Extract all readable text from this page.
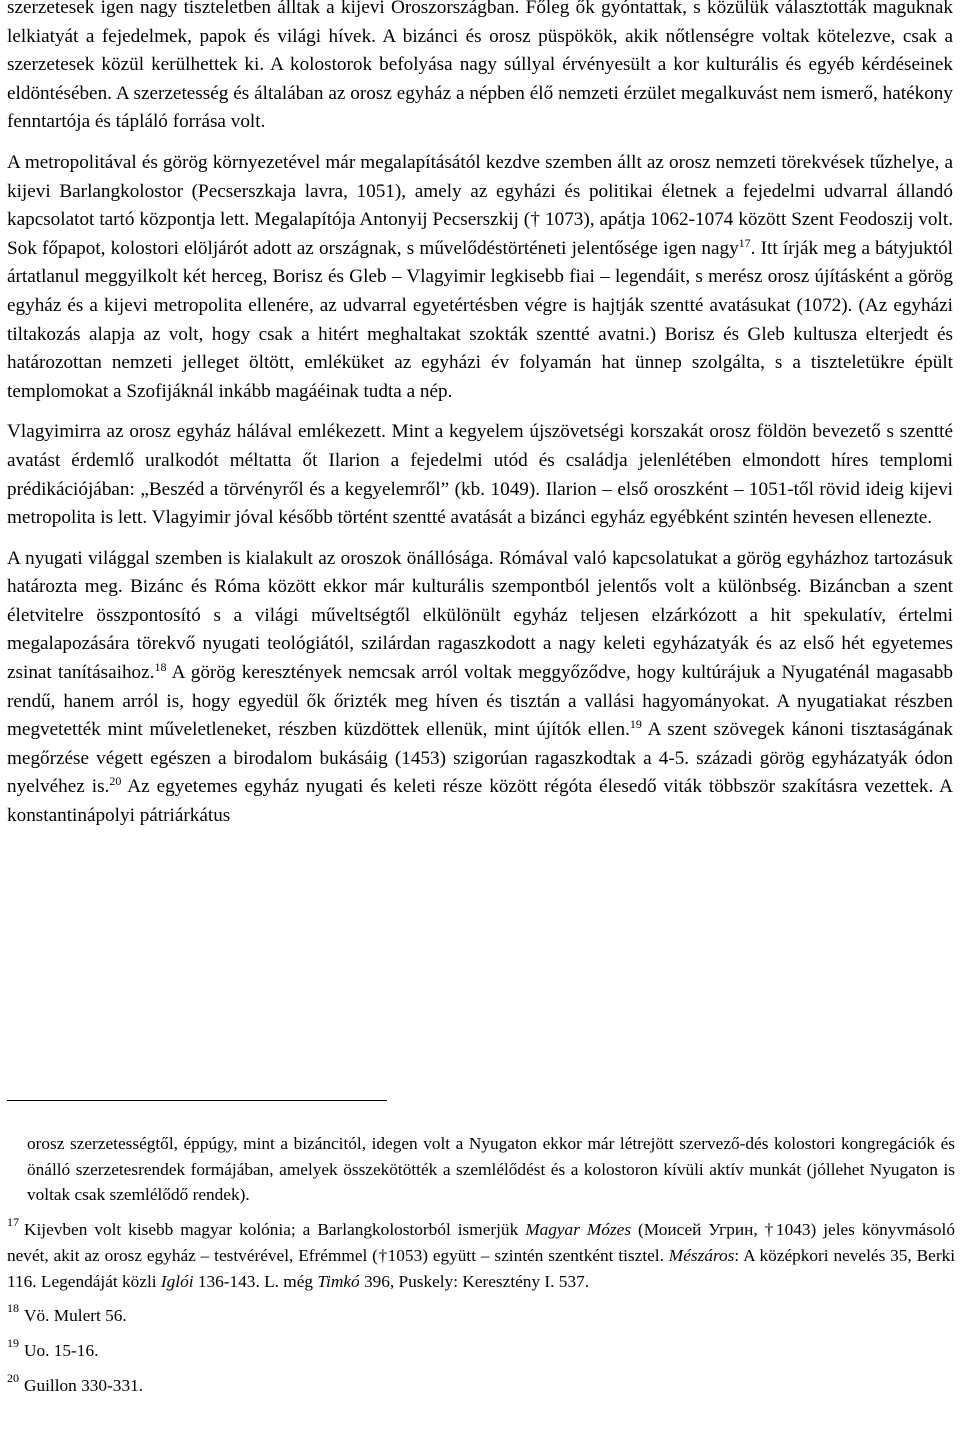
szerzetesek igen nagy tiszteletben álltak a kijevi Oroszországban. Főleg ők gyóntattak, s közülük választották maguknak lelkiatyát a fejedelmek, papok és világi hívek. A bizánci és orosz püspökök, akik nőtlenségre voltak kötelezve, csak a szerzetesek közül kerülhettek ki. A kolostorok befolyása nagy súllyal érvényesült a kor kulturális és egyéb kérdéseinek eldöntésében. A szerzetesség és általában az orosz egyház a népben élő nemzeti érzület megalkuvást nem ismerő, hatékony fenntartója és tápláló forrása volt.

A metropolitával és görög környezetével már megalapításától kezdve szemben állt az orosz nemzeti törekvések tűzhelye, a kijevi Barlangkolostor (Pecserszkaja lavra, 1051), amely az egyházi és politikai életnek a fejedelmi udvarral állandó kapcsolatot tartó központja lett. Megalapítója Antonyij Pecserszkij († 1073), apátja 1062-1074 között Szent Feodoszij volt. Sok főpapot, kolostori elöljárót adott az országnak, s művelődéstörténeti jelentősége igen nagy$^{17}$. Itt írják meg a bátyjuktól ártatlanul meggyilkolt két herceg, Borisz és Gleb – Vlagyimir legkisebb fiai – legendáit, s merész orosz újításként a görög egyház és a kijevi metropolita ellenére, az udvarral egyetértésben végre is hajtják szentté avatásukat (1072). (Az egyházi tiltakozás alapja az volt, hogy csak a hitért meghaltakat szokták szentté avatni.) Borisz és Gleb kultusza elterjedt és határozottan nemzeti jelleget öltött, emléküket az egyházi év folyamán hat ünnep szolgálta, s a tiszteletükre épült templomokat a Szofijáknál inkább magáéinak tudta a nép.

Vlagyimirra az orosz egyház hálával emlékezett. Mint a kegyelem újszövetségi korszakát orosz földön bevezető s szentté avatást érdemlő uralkodót méltatta őt Ilarion a fejedelmi utód és családja jelenlétében elmondott híres templomi prédikációjában: „Beszéd a törvényről és a kegyelemről” (kb. 1049). Ilarion – első oroszként – 1051-től rövid ideig kijevi metropolita is lett. Vlagyimir jóval később történt szentté avatását a bizánci egyház egyébként szintén hevesen ellenezte.

A nyugati világgal szemben is kialakult az oroszok önállósága. Rómával való kapcsolatukat a görög egyházhoz tartozásuk határozta meg. Bizánc és Róma között ekkor már kulturális szempontból jelentős volt a különbség. Bizáncban a szent életvitelre összpontosító s a világi műveltségtől elkülönült egyház teljesen elzárkózott a hit spekulatív, értelmi megalapozására törekvő nyugati teológiától, szilárdan ragaszkodott a nagy keleti egyházatyák és az első hét egyetemes zsinat tanításaihoz.$^{18}$ A görög keresztények nemcsak arról voltak meggyőződve, hogy kultúrájuk a Nyugaténál magasabb rendű, hanem arról is, hogy egyedül ők őrizték meg híven és tisztán a vallási hagyományokat. A nyugatiakat részben megvetették mint műveletleneket, részben küzdöttek ellenük, mint újítók ellen.$^{19}$ A szent szövegek kánoni tisztaságának megőrzése végett egészen a birodalom bukásáig (1453) szigorúan ragaszkodtak a 4-5. századi görög egyházatyák ódon nyelvéhez is.$^{20}$ Az egyetemes egyház nyugati és keleti része között régóta élesedő viták többször szakításra vezettek. A konstantinápolyi pátriárkátus

orosz szerzetességtől, éppúgy, mint a bizáncitól, idegen volt a Nyugaton ekkor már létrejött szervező-dés kolostori kongregációk és önálló szerzetesrendek formájában, amelyek összekötötték a szemlélődést és a kolostoron kívüli aktív munkát (jóllehet Nyugaton is voltak csak szemlélődő rendek).

$^{17}$ Kijevben volt kisebb magyar kolónia; a Barlangkolostorból ismerjük Magyar Mózes (Моисей Угрин, †1043) jeles könyvmásoló nevét, akit az orosz egyház – testvérével, Efrémmel (†1053) együtt – szintén szentként tisztel. Mészáros: A középkori nevelés 35, Berki 116. Legendáját közli Iglói 136-143. L. még Timkó 396, Puskely: Keresztény I. 537.

$^{18}$ Vö. Mulert 56.

$^{19}$ Uo. 15-16.

$^{20}$ Guillon 330-331.
